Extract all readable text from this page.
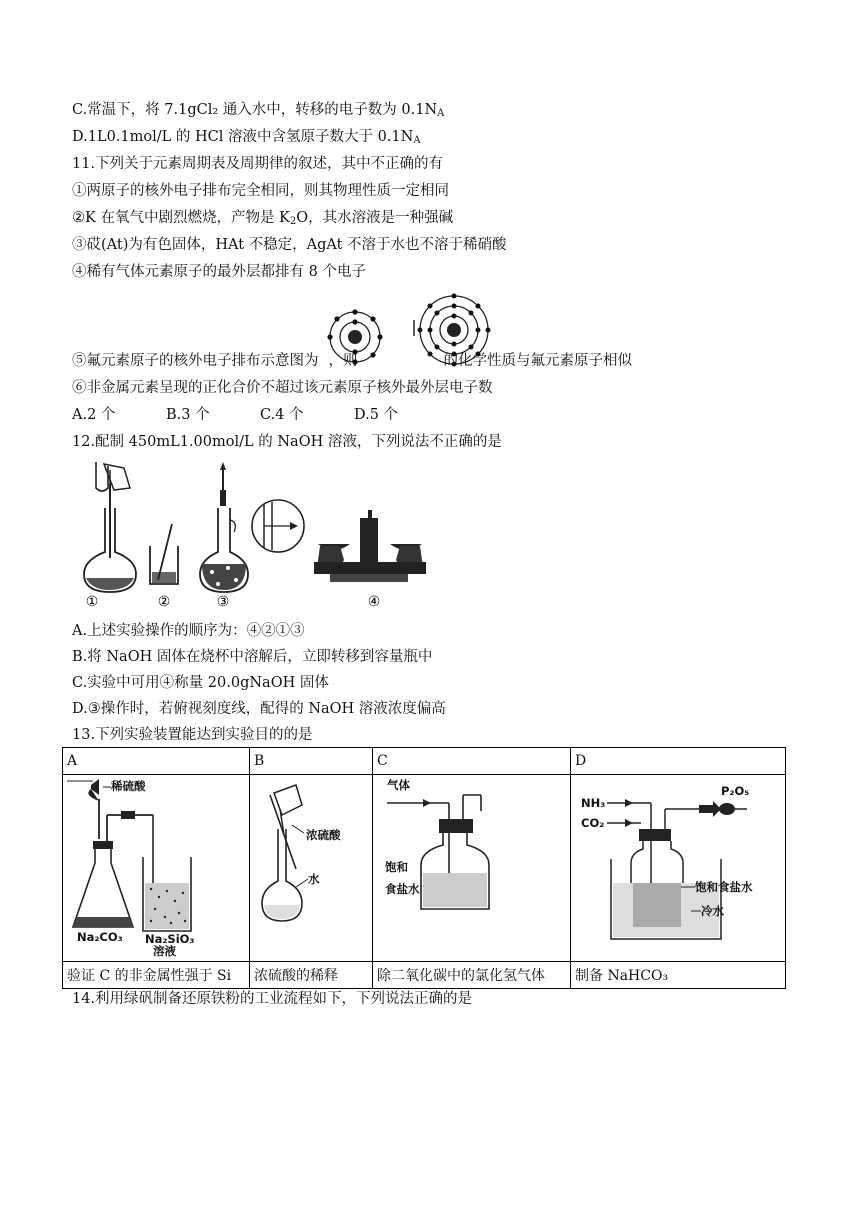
C.常温下，将 7.1gCl₂ 通入水中，转移的电子数为 $0.1N_A$
D.1L0.1mol/L 的 HCl 溶液中含氢原子数大于 $0.1N_A$
11.下列关于元素周期表及周期律的叙述，其中不正确的有
①两原子的核外电子排布完全相同，则其物理性质一定相同
②K 在氧气中剧烈燃烧，产物是 $K_2O$，其水溶液是一种强碱
③砹(At)为有色固体，HAt 不稳定，AgAt 不溶于水也不溶于稀硝酸
④稀有气体元素原子的最外层都排有 8 个电子
⑤氟元素原子的核外电子排布示意图为 ，则	的化学性质与氟元素原子相似
⑥非金属元素呈现的正化合价不超过该元素原子核外最外层电子数
A.2 个	B.3 个	C.4 个	D.5 个
12.配制 450mL1.00mol/L 的 NaOH 溶液，下列说法不正确的是
①	②	③	④
A.上述实验操作的顺序为：④②①③
B.将 NaOH 固体在烧杯中溶解后，立即转移到容量瓶中
C.实验中可用④称量 20.0gNaOH 固体
D.③操作时，若俯视刻度线，配得的 NaOH 溶液浓度偏高
13.下列实验装置能达到实验目的的是
A	B	C	D

稀硫酸
Na₂CO₃ Na₂SiO₃
溶液	浓硫酸
水	气体
饱和
食盐水	NH₃
CO₂
P₂O₅
饱和食盐水
冷水

验证 C 的非金属性强于 Si	浓硫酸的稀释	除二氧化碳中的氯化氢气体	制备 NaHCO₃
14.利用绿矾制备还原铁粉的工业流程如下，下列说法正确的是
